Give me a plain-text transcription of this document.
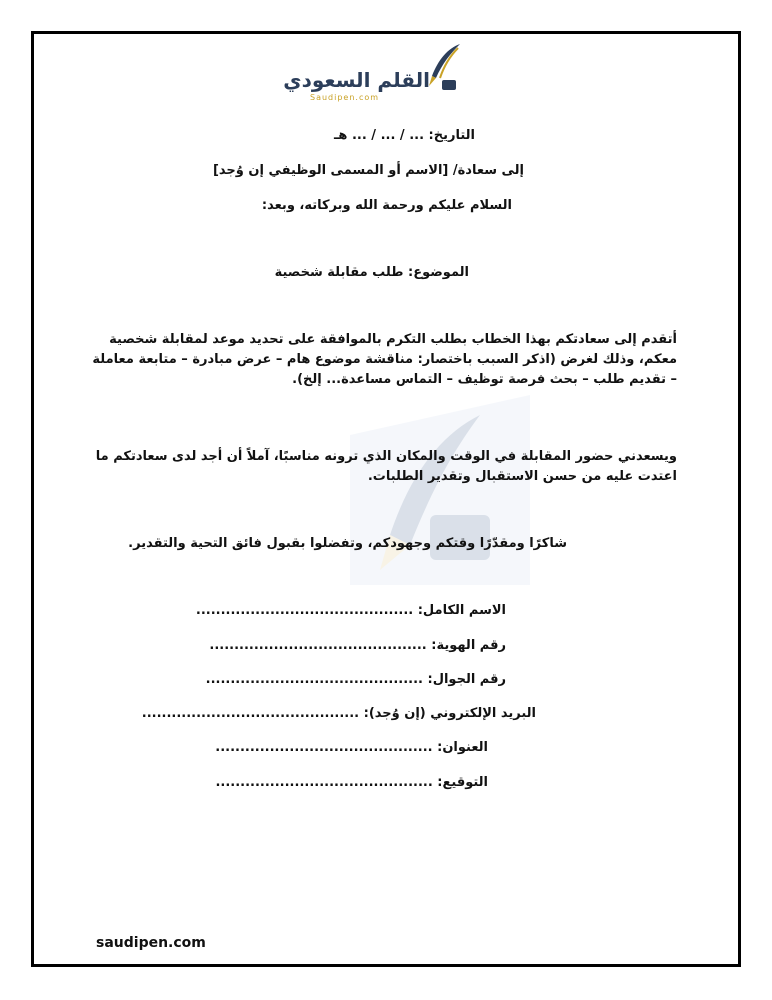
القلم السعودي
Saudipen.com
التاريخ: ... / ... / ... هـ
إلى سعادة/ [الاسم أو المسمى الوظيفي إن وُجد]
السلام عليكم ورحمة الله وبركاته، وبعد:
الموضوع: طلب مقابلة شخصية
أتقدم إلى سعادتكم بهذا الخطاب بطلب التكرم بالموافقة على تحديد موعد لمقابلة شخصية معكم، وذلك لغرض (اذكر السبب باختصار: مناقشة موضوع هام – عرض مبادرة – متابعة معاملة – تقديم طلب – بحث فرصة توظيف – التماس مساعدة... إلخ).
ويسعدني حضور المقابلة في الوقت والمكان الذي ترونه مناسبًا، آملاً أن أجد لدى سعادتكم ما اعتدت عليه من حسن الاستقبال وتقدير الطلبات.
شاكرًا ومقدّرًا وقتكم وجهودكم، وتفضلوا بقبول فائق التحية والتقدير.
الاسم الكامل: ............................................
رقم الهوية: ............................................
رقم الجوال: ............................................
البريد الإلكتروني (إن وُجد): ............................................
العنوان: ............................................
التوقيع: ............................................
saudipen.com
